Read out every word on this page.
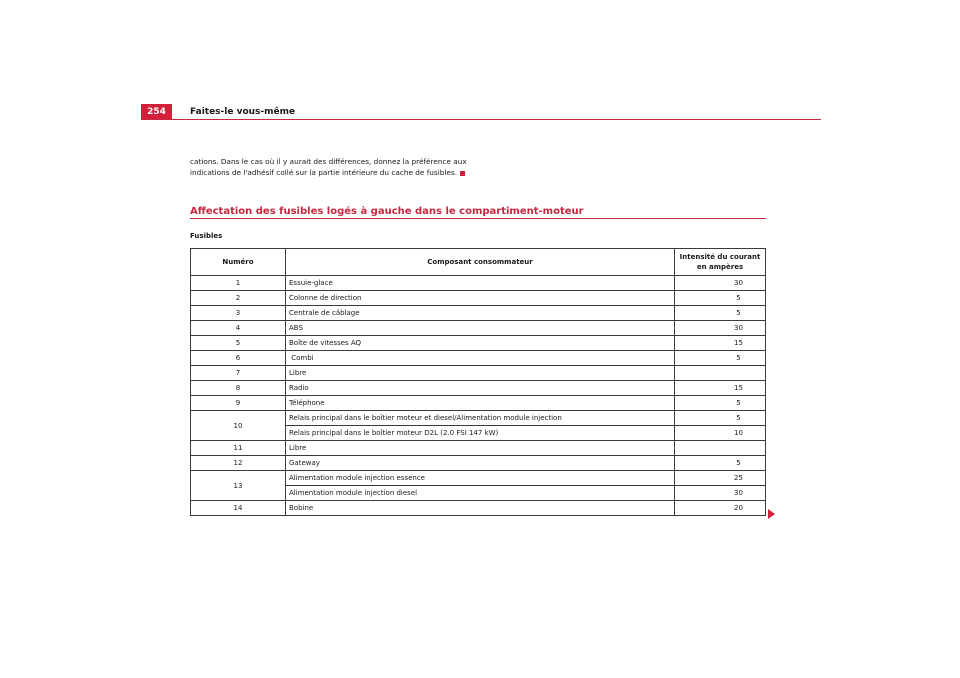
254	Faites-le vous-même
cations. Dans le cas où il y aurait des différences, donnez la préférence aux
indications de l'adhésif collé sur la partie intérieure du cache de fusibles.
Affectation des fusibles logés à gauche dans le compartiment-moteur
Fusibles
Numéro	Composant consommateur	Intensité du courant en ampères
1	Essuie-glace	30
2	Colonne de direction	5
3	Centrale de câblage	5
4	ABS	30
5	Boîte de vitesses AQ	15
6	Combi	5
7	Libre	
8	Radio	15
9	Téléphone	5
10	Relais principal dans le boîtier moteur et diesel/Alimentation module injection	5
	Relais principal dans le boîtier moteur D2L (2.0 FSI 147 kW)	10
11	Libre	
12	Gateway	5
13	Alimentation module injection essence	25
	Alimentation module injection diesel	30
14	Bobine	20
